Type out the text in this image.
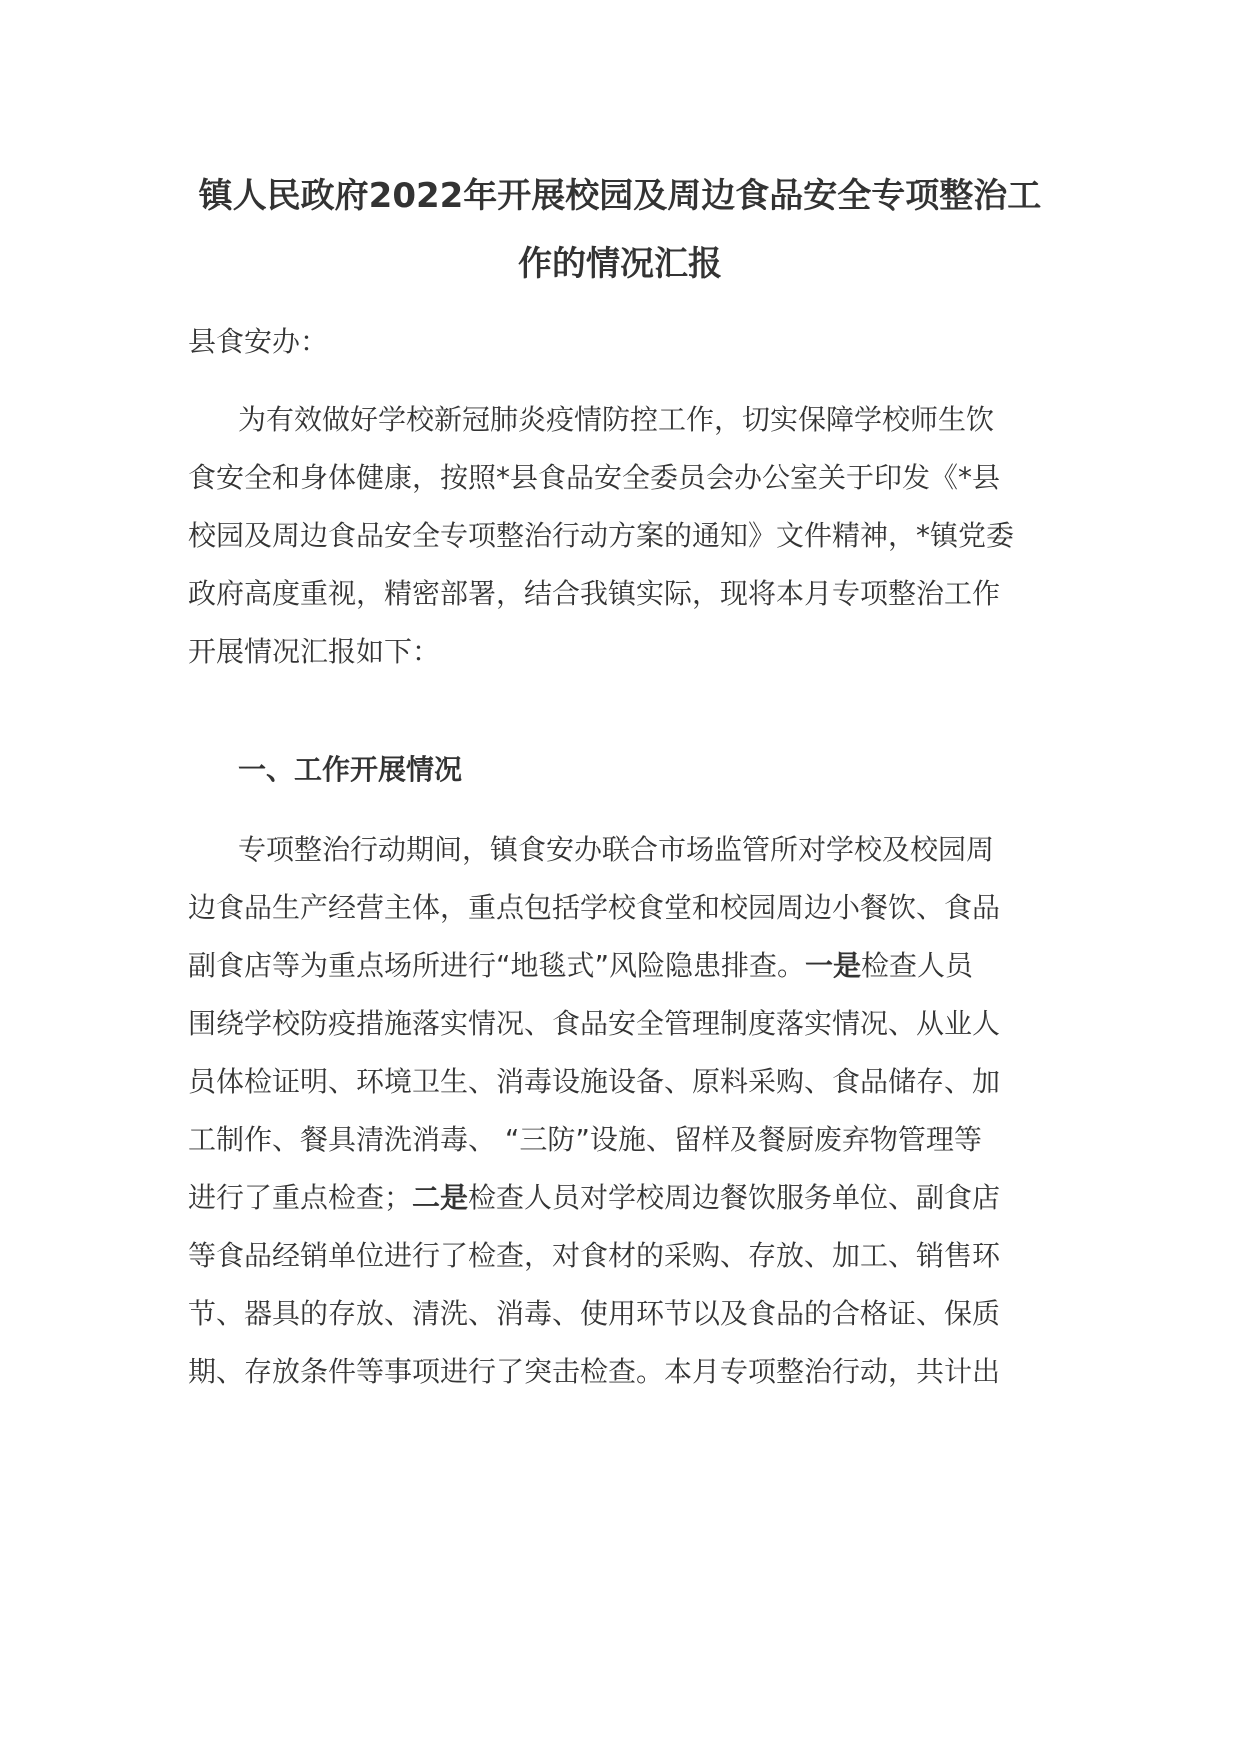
镇人民政府2022年开展校园及周边食品安全专项整治工
作的情况汇报
县食安办：
为有效做好学校新冠肺炎疫情防控工作，切实保障学校师生饮
食安全和身体健康，按照*县食品安全委员会办公室关于印发《*县
校园及周边食品安全专项整治行动方案的通知》文件精神，*镇党委
政府高度重视，精密部署，结合我镇实际，现将本月专项整治工作
开展情况汇报如下：
一、工作开展情况
专项整治行动期间，镇食安办联合市场监管所对学校及校园周
边食品生产经营主体，重点包括学校食堂和校园周边小餐饮、食品
副食店等为重点场所进行“地毯式”风险隐患排查。一是检查人员
围绕学校防疫措施落实情况、食品安全管理制度落实情况、从业人
员体检证明、环境卫生、消毒设施设备、原料采购、食品储存、加
工制作、餐具清洗消毒、 “三防”设施、留样及餐厨废弃物管理等
进行了重点检查；二是检查人员对学校周边餐饮服务单位、副食店
等食品经销单位进行了检查，对食材的采购、存放、加工、销售环
节、器具的存放、清洗、消毒、使用环节以及食品的合格证、保质
期、存放条件等事项进行了突击检查。本月专项整治行动，共计出
